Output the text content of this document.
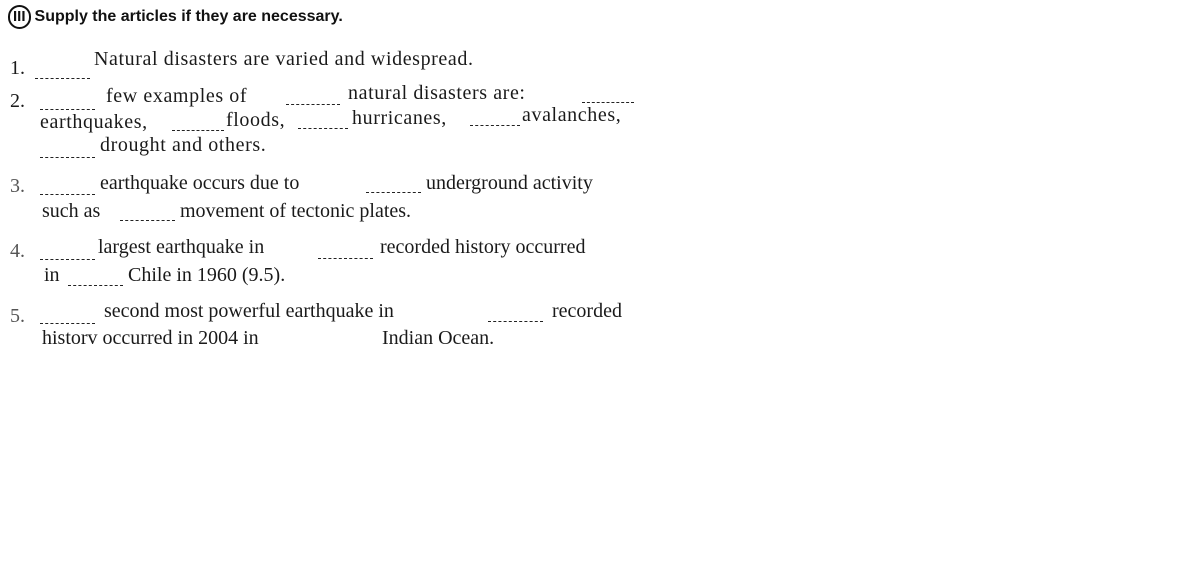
III Supply the articles if they are necessary.
1.	Natural disasters are varied and widespread.
2.	few examples of	natural disasters are:
earthquakes,	floods,	hurricanes,	avalanches,
drought and others.
3.	earthquake occurs due to	underground activity
such as	movement of tectonic plates.
4.	largest earthquake in	recorded history occurred
in	Chile in 1960 (9.5).
5.	second most powerful earthquake in	recorded
historv occurred in 2004 in	Indian Ocean.
